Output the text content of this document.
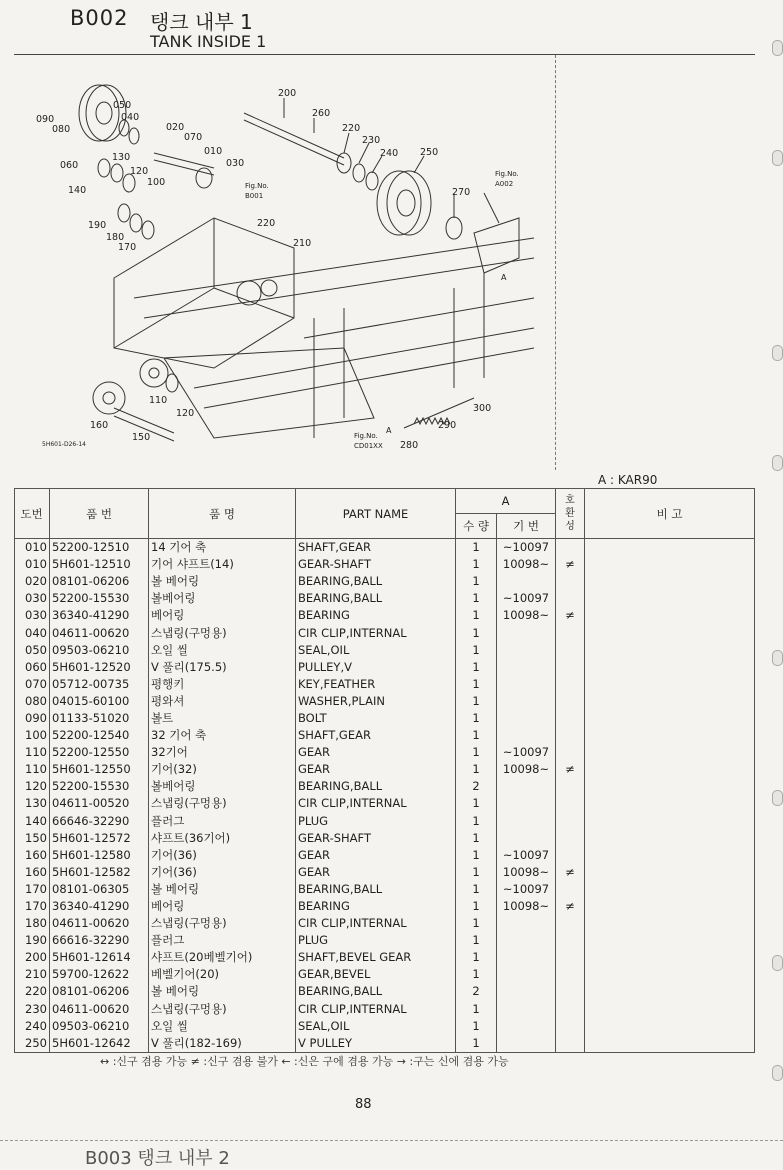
B002 탱크 내부 1
TANK INSIDE 1
200
260
050
040
090
080	020
070
010
220
230
240 250
030
060
130
120
100
140	Fig.No.
B001
Fig.No.
A002
270
190
180
170
220
210
A
110
120	300
160
150
290
Fig.No.
CD01XX
A
280
5H601-D26-14
A : KAR90
도번	품 번	품 명	PART NAME	A		호
환
성	비 고
				수 량	기 번		
010	52200-12510	14 기어 축	SHAFT,GEAR	1	~10097		
010	5H601-12510	기어 샤프트(14)	GEAR-SHAFT	1	10098~	≠	
020	08101-06206	볼 베어링	BEARING,BALL	1			
030	52200-15530	볼베어링	BEARING,BALL	1	~10097		
030	36340-41290	베어링	BEARING	1	10098~	≠	
040	04611-00620	스냅링(구멍용)	CIR CLIP,INTERNAL	1			
050	09503-06210	오일 씰	SEAL,OIL	1			
060	5H601-12520	V 풀리(175.5)	PULLEY,V	1			
070	05712-00735	평행키	KEY,FEATHER	1			
080	04015-60100	평와셔	WASHER,PLAIN	1			
090	01133-51020	볼트	BOLT	1			
100	52200-12540	32 기어 축	SHAFT,GEAR	1			
110	52200-12550	32기어	GEAR	1	~10097		
110	5H601-12550	기어(32)	GEAR	1	10098~	≠	
120	52200-15530	볼베어링	BEARING,BALL	2			
130	04611-00520	스냅링(구멍용)	CIR CLIP,INTERNAL	1			
140	66646-32290	플러그	PLUG	1			
150	5H601-12572	샤프트(36기어)	GEAR-SHAFT	1			
160	5H601-12580	기어(36)	GEAR	1	~10097		
160	5H601-12582	기어(36)	GEAR	1	10098~	≠	
170	08101-06305	볼 베어링	BEARING,BALL	1	~10097		
170	36340-41290	베어링	BEARING	1	10098~	≠	
180	04611-00620	스냅링(구멍용)	CIR CLIP,INTERNAL	1			
190	66616-32290	플러그	PLUG	1			
200	5H601-12614	샤프트(20베벨기어)	SHAFT,BEVEL GEAR	1			
210	59700-12622	베벨기어(20)	GEAR,BEVEL	1			
220	08101-06206	볼 베어링	BEARING,BALL	2			
230	04611-00620	스냅링(구멍용)	CIR CLIP,INTERNAL	1			
240	09503-06210	오일 씰	SEAL,OIL	1			
250	5H601-12642	V 풀리(182-169)	V PULLEY	1			
↔ :신구 겸용 가능 ≠ :신구 겸용 불가 ← :신은 구에 겸용 가능 → :구는 신에 겸용 가능
88
B003 탱크 내부 2
